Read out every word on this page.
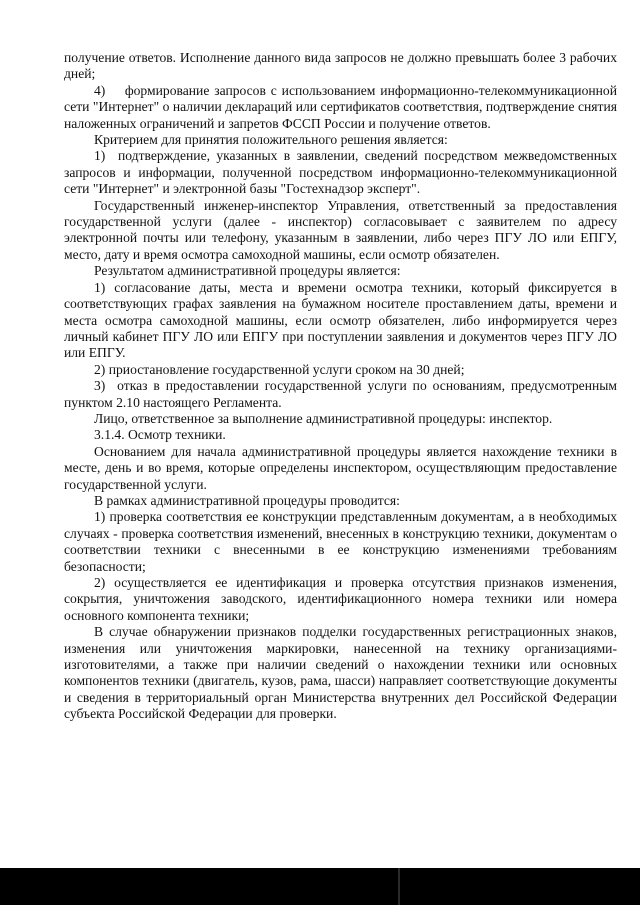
получение ответов. Исполнение данного вида запросов не должно превышать более 3 рабочих дней;

4)    формирование запросов с использованием информационно-телекоммуникационной сети "Интернет" о наличии деклараций или сертификатов соответствия, подтверждение снятия наложенных ограничений и запретов ФССП России и получение ответов.

Критерием для принятия положительного решения является:

1)  подтверждение, указанных в заявлении, сведений посредством межведомственных запросов и информации, полученной посредством информационно-телекоммуникационной сети "Интернет" и электронной базы "Гостехнадзор эксперт".

Государственный инженер-инспектор Управления, ответственный за предоставления государственной услуги (далее - инспектор) согласовывает с заявителем по адресу электронной почты или телефону, указанным в заявлении, либо через ПГУ ЛО или ЕПГУ, место, дату и время осмотра самоходной машины, если осмотр обязателен.

Результатом административной процедуры является:

1) согласование даты, места и времени осмотра техники, который фиксируется в соответствующих графах заявления на бумажном носителе проставлением даты, времени и места осмотра самоходной машины, если осмотр обязателен, либо информируется через личный кабинет ПГУ ЛО или ЕПГУ при поступлении заявления и документов через ПГУ ЛО или ЕПГУ.

2) приостановление государственной услуги сроком на 30 дней;

3)  отказ в предоставлении государственной услуги по основаниям, предусмотренным пунктом 2.10 настоящего Регламента.

Лицо, ответственное за выполнение административной процедуры: инспектор.

3.1.4. Осмотр техники.

Основанием для начала административной процедуры является нахождение техники в месте, день и во время, которые определены инспектором, осуществляющим предоставление государственной услуги.

В рамках административной процедуры проводится:

1) проверка соответствия ее конструкции представленным документам, а в необходимых случаях - проверка соответствия изменений, внесенных в конструкцию техники, документам о соответствии техники с внесенными в ее конструкцию изменениями требованиям безопасности;

2) осуществляется ее идентификация и проверка отсутствия признаков изменения, сокрытия, уничтожения заводского, идентификационного номера техники или номера основного компонента техники;

В случае обнаружении признаков подделки государственных регистрационных знаков, изменения или уничтожения маркировки, нанесенной на технику организациями-изготовителями, а также при наличии сведений о нахождении техники или основных компонентов техники (двигатель, кузов, рама, шасси) направляет соответствующие документы и сведения в территориальный орган Министерства внутренних дел Российской Федерации субъекта Российской Федерации для проверки.
